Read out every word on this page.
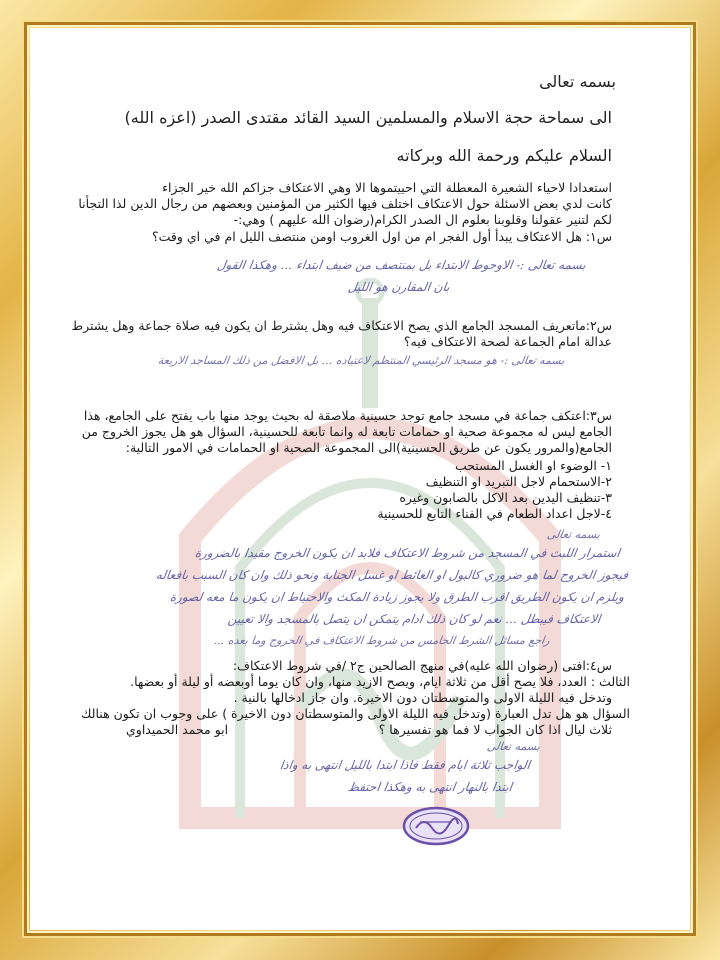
بسمه تعالى
الى سماحة حجة الاسلام والمسلمين السيد القائد مقتدى الصدر (اعزه الله)
السلام عليكم ورحمة الله وبركاته
استعدادا لاحياء الشعيرة المعطلة التي احييتموها الا وهي الاعتكاف جزاكم الله خير الجزاء
كانت لدي بعض الاسئلة حول الاعتكاف اختلف فيها الكثير من المؤمنين وبعضهم من رجال الدين لذا التجأنا
لكم لتنير عقولنا وقلوبنا بعلوم ال الصدر الكرام(رضوان الله عليهم ) وهي:-
س١: هل الاعتكاف يبدأ أول الفجر ام من اول الغروب اومن منتصف الليل ام في اي وقت؟
بسمه تعالى :- الاوحوط الابتداء بل بمنتصف من ضيف ابتداء ... وهكذا القول
بان المقارن هو الليل
س٢:ماتعريف المسجد الجامع الذي يصح الاعتكاف فيه وهل يشترط ان يكون فيه صلاة جماعة وهل يشترط
عدالة امام الجماعة لصحة الاعتكاف فيه؟
بسمه تعالى :- هو مسجد الرئيسي المنتظم لاعتياده ... بل الافضل من ذلك المساجد الاربعة
س٣:اعتكف جماعة في مسجد جامع توجد حسينية ملاصقة له بحيث يوجد منها باب يفتح على الجامع، هذا
الجامع ليس له مجموعة صحية او حمامات تابعة له وانما تابعة للحسينية، السؤال هو هل يجوز الخروج من
الجامع(والمرور يكون عن طريق الحسينية)الى المجموعة الصحية او الحمامات في الامور التالية:
١- الوضوء او الغسل المستحب
٢-الاستحمام لاجل التبريد او التنظيف
٣-تنظيف اليدين بعد الاكل بالصابون وغيره
٤-لاجل اعداد الطعام في الفناء التابع للحسينية
بسمه تعالى
استمرار اللبث في المسجد من شروط الاعتكاف فلابد ان يكون الخروج مقيدا بالضرورة
فيجوز الخروج لما هو ضروري كالبول او الغائط او غسل الجنابة ونحو ذلك وان كان السبب بافعاله
ويلزم ان يكون الطريق اقرب الطرق ولا يجوز زيادة المكث والاحتياط ان يكون ما معه لصورة
الاعتكاف فيبطل ... نعم لو كان ذلك ادام يتمكن ان يتصل بالمسجد والا تعيين
راجع مسائل الشرط الخامس من شروط الاعتكاف في الخروج وما بعده ...
س٤:افتى (رضوان الله عليه)في منهج الصالحين ج٢ /في شروط الاعتكاف:
الثالث : العدد، فلا يصح أقل من ثلاثة ايام، ويصح الازيد منها، وان كان يوما أوبعضه أو ليلة أو بعضها.
وتدخل فيه الليلة الاولى والمتوسطتان دون الاخيرة. وان جاز ادخالها بالنية .
السؤال هو هل تدل العبارة (وتدخل فيه الليلة الاولى والمتوسطتان دون الاخيرة ) على وجوب ان تكون هنالك
ثلاث ليال اذا كان الجواب لا فما هو تفسيرها ؟
ابو محمد الحميداوي
بسمه تعالى
الواجب ثلاثة ايام فقط فاذا ابتدا بالليل انتهى به واذا
ابتدا بالنهار انتهى به وهكذا احتفظ
